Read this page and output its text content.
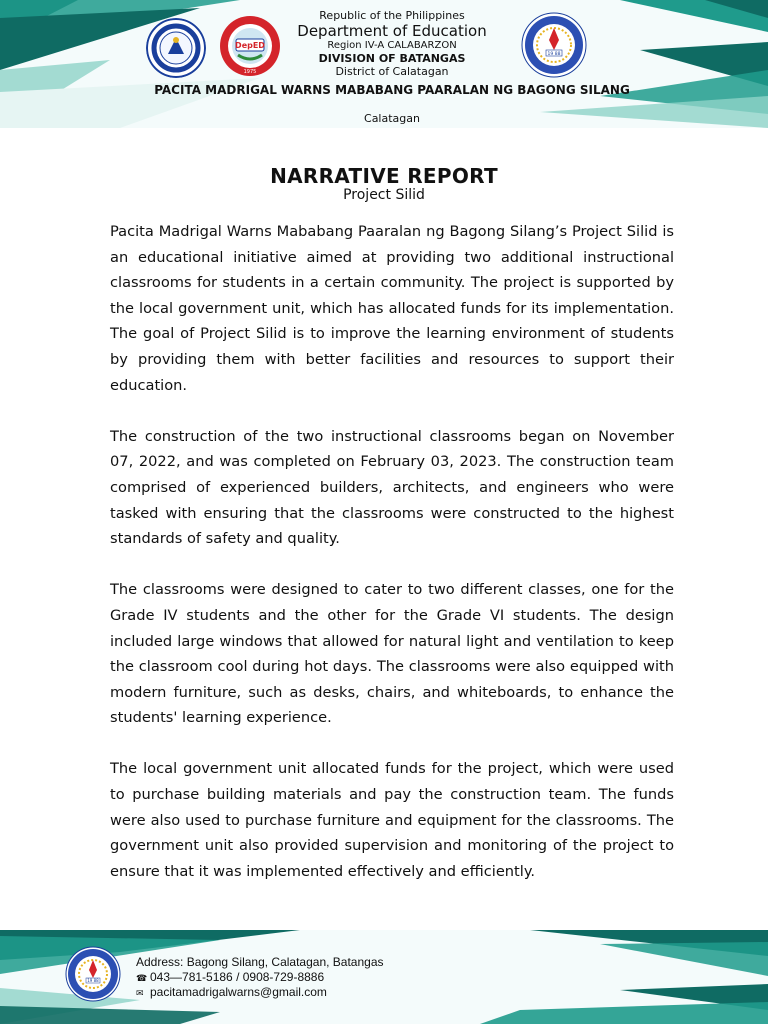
DepED
1975
19 88
Republic of the Philippines
Department of Education
Region IV-A CALABARZON
DIVISION OF BATANGAS
District of Calatagan
PACITA MADRIGAL WARNS MABABANG PAARALAN NG BAGONG SILANG
Calatagan
NARRATIVE REPORT
Project Silid

Pacita Madrigal Warns Mababang Paaralan ng Bagong Silang’s Project Silid is an educational initiative aimed at providing two additional instructional classrooms for students in a certain community. The project is supported by the local government unit, which has allocated funds for its implementation. The goal of Project Silid is to improve the learning environment of students by providing them with better facilities and resources to support their education.

The construction of the two instructional classrooms began on November 07, 2022, and was completed on February 03, 2023. The construction team comprised of experienced builders, architects, and engineers who were tasked with ensuring that the classrooms were constructed to the highest standards of safety and quality.

The classrooms were designed to cater to two different classes, one for the Grade IV students and the other for the Grade VI students. The design included large windows that allowed for natural light and ventilation to keep the classroom cool during hot days. The classrooms were also equipped with modern furniture, such as desks, chairs, and whiteboards, to enhance the students' learning experience.

The local government unit allocated funds for the project, which were used to purchase building materials and pay the construction team. The funds were also used to purchase furniture and equipment for the classrooms. The government unit also provided supervision and monitoring of the project to ensure that it was implemented effectively and efficiently.

19 88
Address: Bagong Silang, Calatagan, Batangas
☎ 043—781-5186 / 0908-729-8886
✉ pacitamadrigalwarns@gmail.com
